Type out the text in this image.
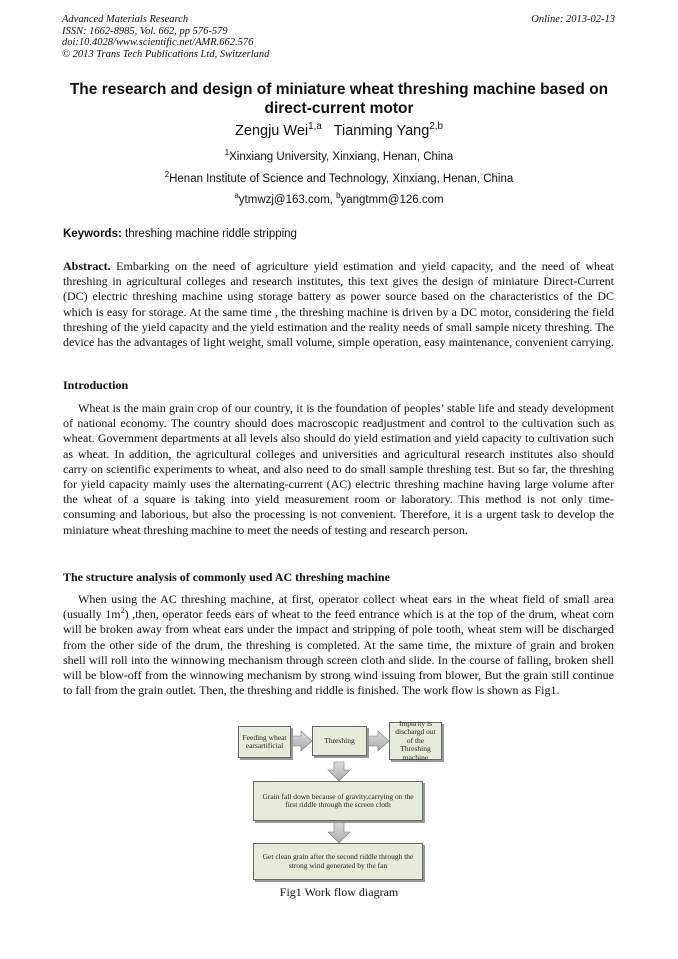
Advanced Materials Research
ISSN: 1662-8985, Vol. 662, pp 576-579
doi:10.4028/www.scientific.net/AMR.662.576
© 2013 Trans Tech Publications Ltd, Switzerland
Online: 2013-02-13
The research and design of miniature wheat threshing machine based on
direct-current motor
Zengju Wei$^{1,a}$ Tianming Yang$^{2,b}$
$^1$Xinxiang University, Xinxiang, Henan, China
$^2$Henan Institute of Science and Technology, Xinxiang, Henan, China
$^a$ytmwzj@163.com, $^b$yangtmm@126.com
Keywords: threshing machine riddle stripping
Abstract. Embarking on the need of agriculture yield estimation and yield capacity, and the need of wheat threshing in agricultural colleges and research institutes, this text gives the design of miniature Direct-Current (DC) electric threshing machine using storage battery as power source based on the characteristics of the DC which is easy for storage. At the same time , the threshing machine is driven by a DC motor, considering the field threshing of the yield capacity and the yield estimation and the reality needs of small sample nicety threshing. The device has the advantages of light weight, small volume, simple operation, easy maintenance, convenient carrying.
Introduction
Wheat is the main grain crop of our country, it is the foundation of peoples’ stable life and steady development of national economy. The country should does macroscopic readjustment and control to the cultivation such as wheat. Government departments at all levels also should do yield estimation and yield capacity to cultivation such as wheat. In addition, the agricultural colleges and universities and agricultural research institutes also should carry on scientific experiments to wheat, and also need to do small sample threshing test. But so far, the threshing for yield capacity mainly uses the alternating-current (AC) electric threshing machine having large volume after the wheat of a square is taking into yield measurement room or laboratory. This method is not only time-consuming and laborious, but also the processing is not convenient. Therefore, it is a urgent task to develop the miniature wheat threshing machine to meet the needs of testing and research person.
The structure analysis of commonly used AC threshing machine
When using the AC threshing machine, at first, operator collect wheat ears in the wheat field of small area (usually $1m^2$) ,then, operator feeds ears of wheat to the feed entrance which is at the top of the drum, wheat corn will be broken away from wheat ears under the impact and stripping of pole tooth, wheat stem will be discharged from the other side of the drum, the threshing is completed. At the same time, the mixture of grain and broken shell will roll into the winnowing mechanism through screen cloth and slide. In the course of falling, broken shell will be blow-off from the winnowing mechanism by strong wind issuing from blower, But the grain still continue to fall from the grain outlet. Then, the threshing and riddle is finished. The work flow is shown as Fig1.
Feeding wheat earsartificial
Threshing
Impurity is dischargd out of the Threshing machine
Grain fall down because of gravity,carrying on the first riddle through the screen cloth
Get clean grain after the second riddle through the strong wind generated by the fan
Fig1 Work flow diagram
